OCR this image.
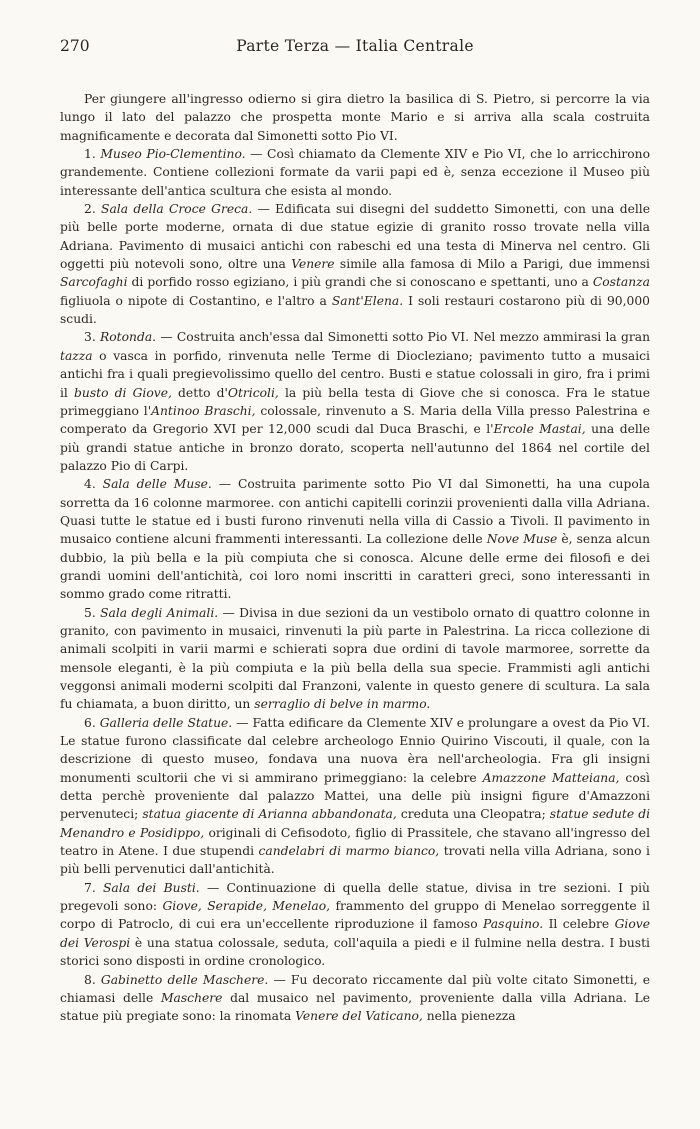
270	Parte Terza — Italia Centrale

Per giungere all'ingresso odierno si gira dietro la basilica di S. Pietro, si percorre la via lungo il lato del palazzo che prospetta monte Mario e si arriva alla scala costruita magnificamente e decorata dal Simonetti sotto Pio VI.

1. Museo Pio-Clementino. — Così chiamato da Clemente XIV e Pio VI, che lo arricchirono grandemente. Contiene collezioni formate da varii papi ed è, senza eccezione il Museo più interessante dell'antica scultura che esista al mondo.

2. Sala della Croce Greca. — Edificata sui disegni del suddetto Simonetti, con una delle più belle porte moderne, ornata di due statue egizie di granito rosso trovate nella villa Adriana. Pavimento di musaici antichi con rabeschi ed una testa di Minerva nel centro. Gli oggetti più notevoli sono, oltre una Venere simile alla famosa di Milo a Parigi, due immensi Sarcofaghi di porfido rosso egiziano, i più grandi che si conoscano e spettanti, uno a Costanza figliuola o nipote di Costantino, e l'altro a Sant'Elena. I soli restauri costarono più di 90,000 scudi.

3. Rotonda. — Costruita anch'essa dal Simonetti sotto Pio VI. Nel mezzo ammirasi la gran tazza o vasca in porfido, rinvenuta nelle Terme di Diocleziano; pavimento tutto a musaici antichi fra i quali pregievolissimo quello del centro. Busti e statue colossali in giro, fra i primi il busto di Giove, detto d'Otricoli, la più bella testa di Giove che si conosca. Fra le statue primeggiano l'Antinoo Braschi, colossale, rinvenuto a S. Maria della Villa presso Palestrina e comperato da Gregorio XVI per 12,000 scudi dal Duca Braschi, e l'Ercole Mastai, una delle più grandi statue antiche in bronzo dorato, scoperta nell'autunno del 1864 nel cortile del palazzo Pio di Carpi.

4. Sala delle Muse. — Costruita parimente sotto Pio VI dal Simonetti, ha una cupola sorretta da 16 colonne marmoree. con antichi capitelli corinzii provenienti dalla villa Adriana. Quasi tutte le statue ed i busti furono rinvenuti nella villa di Cassio a Tivoli. Il pavimento in musaico contiene alcuni frammenti interessanti. La collezione delle Nove Muse è, senza alcun dubbio, la più bella e la più compiuta che si conosca. Alcune delle erme dei filosofi e dei grandi uomini dell'antichità, coi loro nomi inscritti in caratteri greci, sono interessanti in sommo grado come ritratti.

5. Sala degli Animali. — Divisa in due sezioni da un vestibolo ornato di quattro colonne in granito, con pavimento in musaici, rinvenuti la più parte in Palestrina. La ricca collezione di animali scolpiti in varii marmi e schierati sopra due ordini di tavole marmoree, sorrette da mensole eleganti, è la più compiuta e la più bella della sua specie. Frammisti agli antichi veggonsi animali moderni scolpiti dal Franzoni, valente in questo genere di scultura. La sala fu chiamata, a buon diritto, un serraglio di belve in marmo.

6. Galleria delle Statue. — Fatta edificare da Clemente XIV e prolungare a ovest da Pio VI. Le statue furono classificate dal celebre archeologo Ennio Quirino Viscouti, il quale, con la descrizione di questo museo, fondava una nuova èra nell'archeologia. Fra gli insigni monumenti scultorii che vi si ammirano primeggiano: la celebre Amazzone Matteiana, così detta perchè proveniente dal palazzo Mattei, una delle più insigni figure d'Amazzoni pervenuteci; statua giacente di Arianna abbandonata, creduta una Cleopatra; statue sedute di Menandro e Posidippo, originali di Cefisodoto, figlio di Prassitele, che stavano all'ingresso del teatro in Atene. I due stupendi candelabri di marmo bianco, trovati nella villa Adriana, sono i più belli pervenutici dall'antichità.

7. Sala dei Busti. — Continuazione di quella delle statue, divisa in tre sezioni. I più pregevoli sono: Giove, Serapide, Menelao, frammento del gruppo di Menelao sorreggente il corpo di Patroclo, di cui era un'eccellente riproduzione il famoso Pasquino. Il celebre Giove dei Verospi è una statua colossale, seduta, coll'aquila a piedi e il fulmine nella destra. I busti storici sono disposti in ordine cronologico.

8. Gabinetto delle Maschere. — Fu decorato riccamente dal più volte citato Simonetti, e chiamasi delle Maschere dal musaico nel pavimento, proveniente dalla villa Adriana. Le statue più pregiate sono: la rinomata Venere del Vaticano, nella pienezza
